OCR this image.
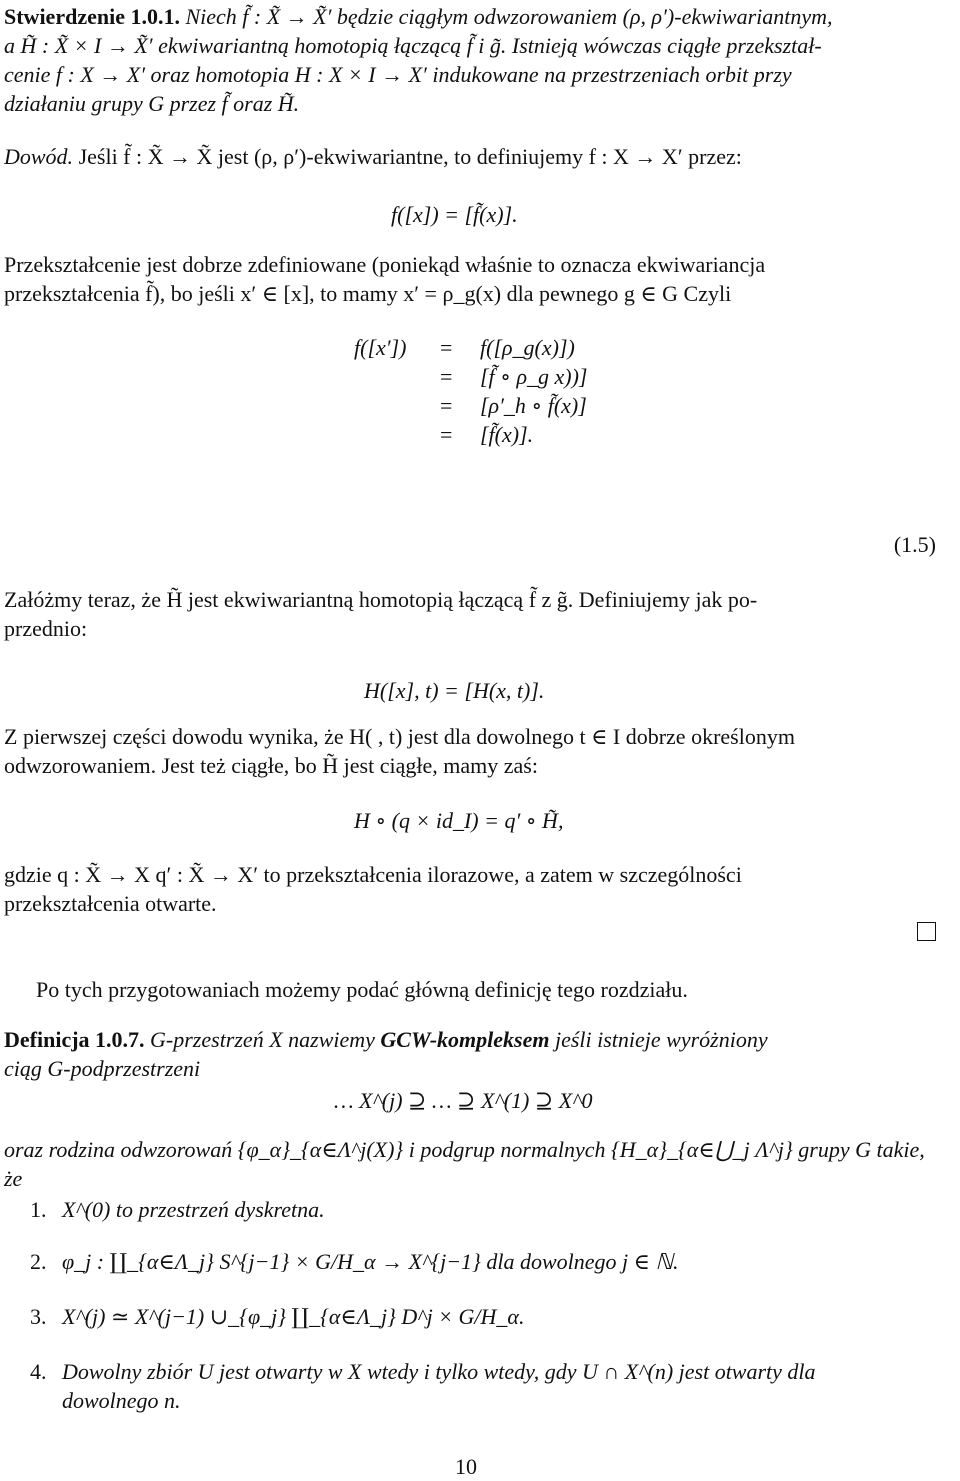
Stwierdzenie 1.0.1. Niech f̃ : X̃ → X̃′ będzie ciągłym odwzorowaniem (ρ, ρ′)-ekwiwariantnym,
a H̃ : X̃ × I → X̃′ ekwiwariantną homotopią łączącą f̃ i g̃. Istnieją wówczas ciągłe przekształ-
cenie f : X → X′ oraz homotopia H : X × I → X′ indukowane na przestrzeniach orbit przy
działaniu grupy G przez f̃ oraz H̃.
Dowód. Jeśli f̃ : X̃ → X̃ jest (ρ, ρ′)-ekwiwariantne, to definiujemy f : X → X′ przez:
f([x]) = [f̃(x)].
Przekształcenie jest dobrze zdefiniowane (poniekąd właśnie to oznacza ekwiwariancja
przekształcenia f̃), bo jeśli x′ ∈ [x], to mamy x′ = ρ_g(x) dla pewnego g ∈ G Czyli
f([x′]) = f([ρ_g(x)])
= [f̃ ∘ ρ_g x))]
= [ρ′_h ∘ f̃(x)]
= [f̃(x)].
(1.5)
Załóżmy teraz, że H̃ jest ekwiwariantną homotopią łączącą f̃ z g̃. Definiujemy jak po-
przednio:
H([x], t) = [H(x, t)].
Z pierwszej części dowodu wynika, że H( , t) jest dla dowolnego t ∈ I dobrze określonym
odwzorowaniem. Jest też ciągłe, bo H̃ jest ciągłe, mamy zaś:
H ∘ (q × id_I) = q′ ∘ H̃,
gdzie q : X̃ → X q′ : X̃ → X′ to przekształcenia ilorazowe, a zatem w szczególności
przekształcenia otwarte.
Po tych przygotowaniach możemy podać główną definicję tego rozdziału.
Definicja 1.0.7. G-przestrzeń X nazwiemy GCW-kompleksem jeśli istnieje wyróżniony
ciąg G-podprzestrzeni
… X^(j) ⊇ … ⊇ X^(1) ⊇ X^0
oraz rodzina odwzorowań {φ_α}_{α∈Λ^j(X)} i podgrup normalnych {H_α}_{α∈⋃_j Λ^j} grupy G takie, że
1. X^(0) to przestrzeń dyskretna.
2. φ_j : ∐_{α∈Λ_j} S^{j−1} × G/H_α → X^{j−1} dla dowolnego j ∈ ℕ.
3. X^(j) ≃ X^(j−1) ∪_{φ_j} ∐_{α∈Λ_j} D^j × G/H_α.
4. Dowolny zbiór U jest otwarty w X wtedy i tylko wtedy, gdy U ∩ X^(n) jest otwarty dla
dowolnego n.
10
